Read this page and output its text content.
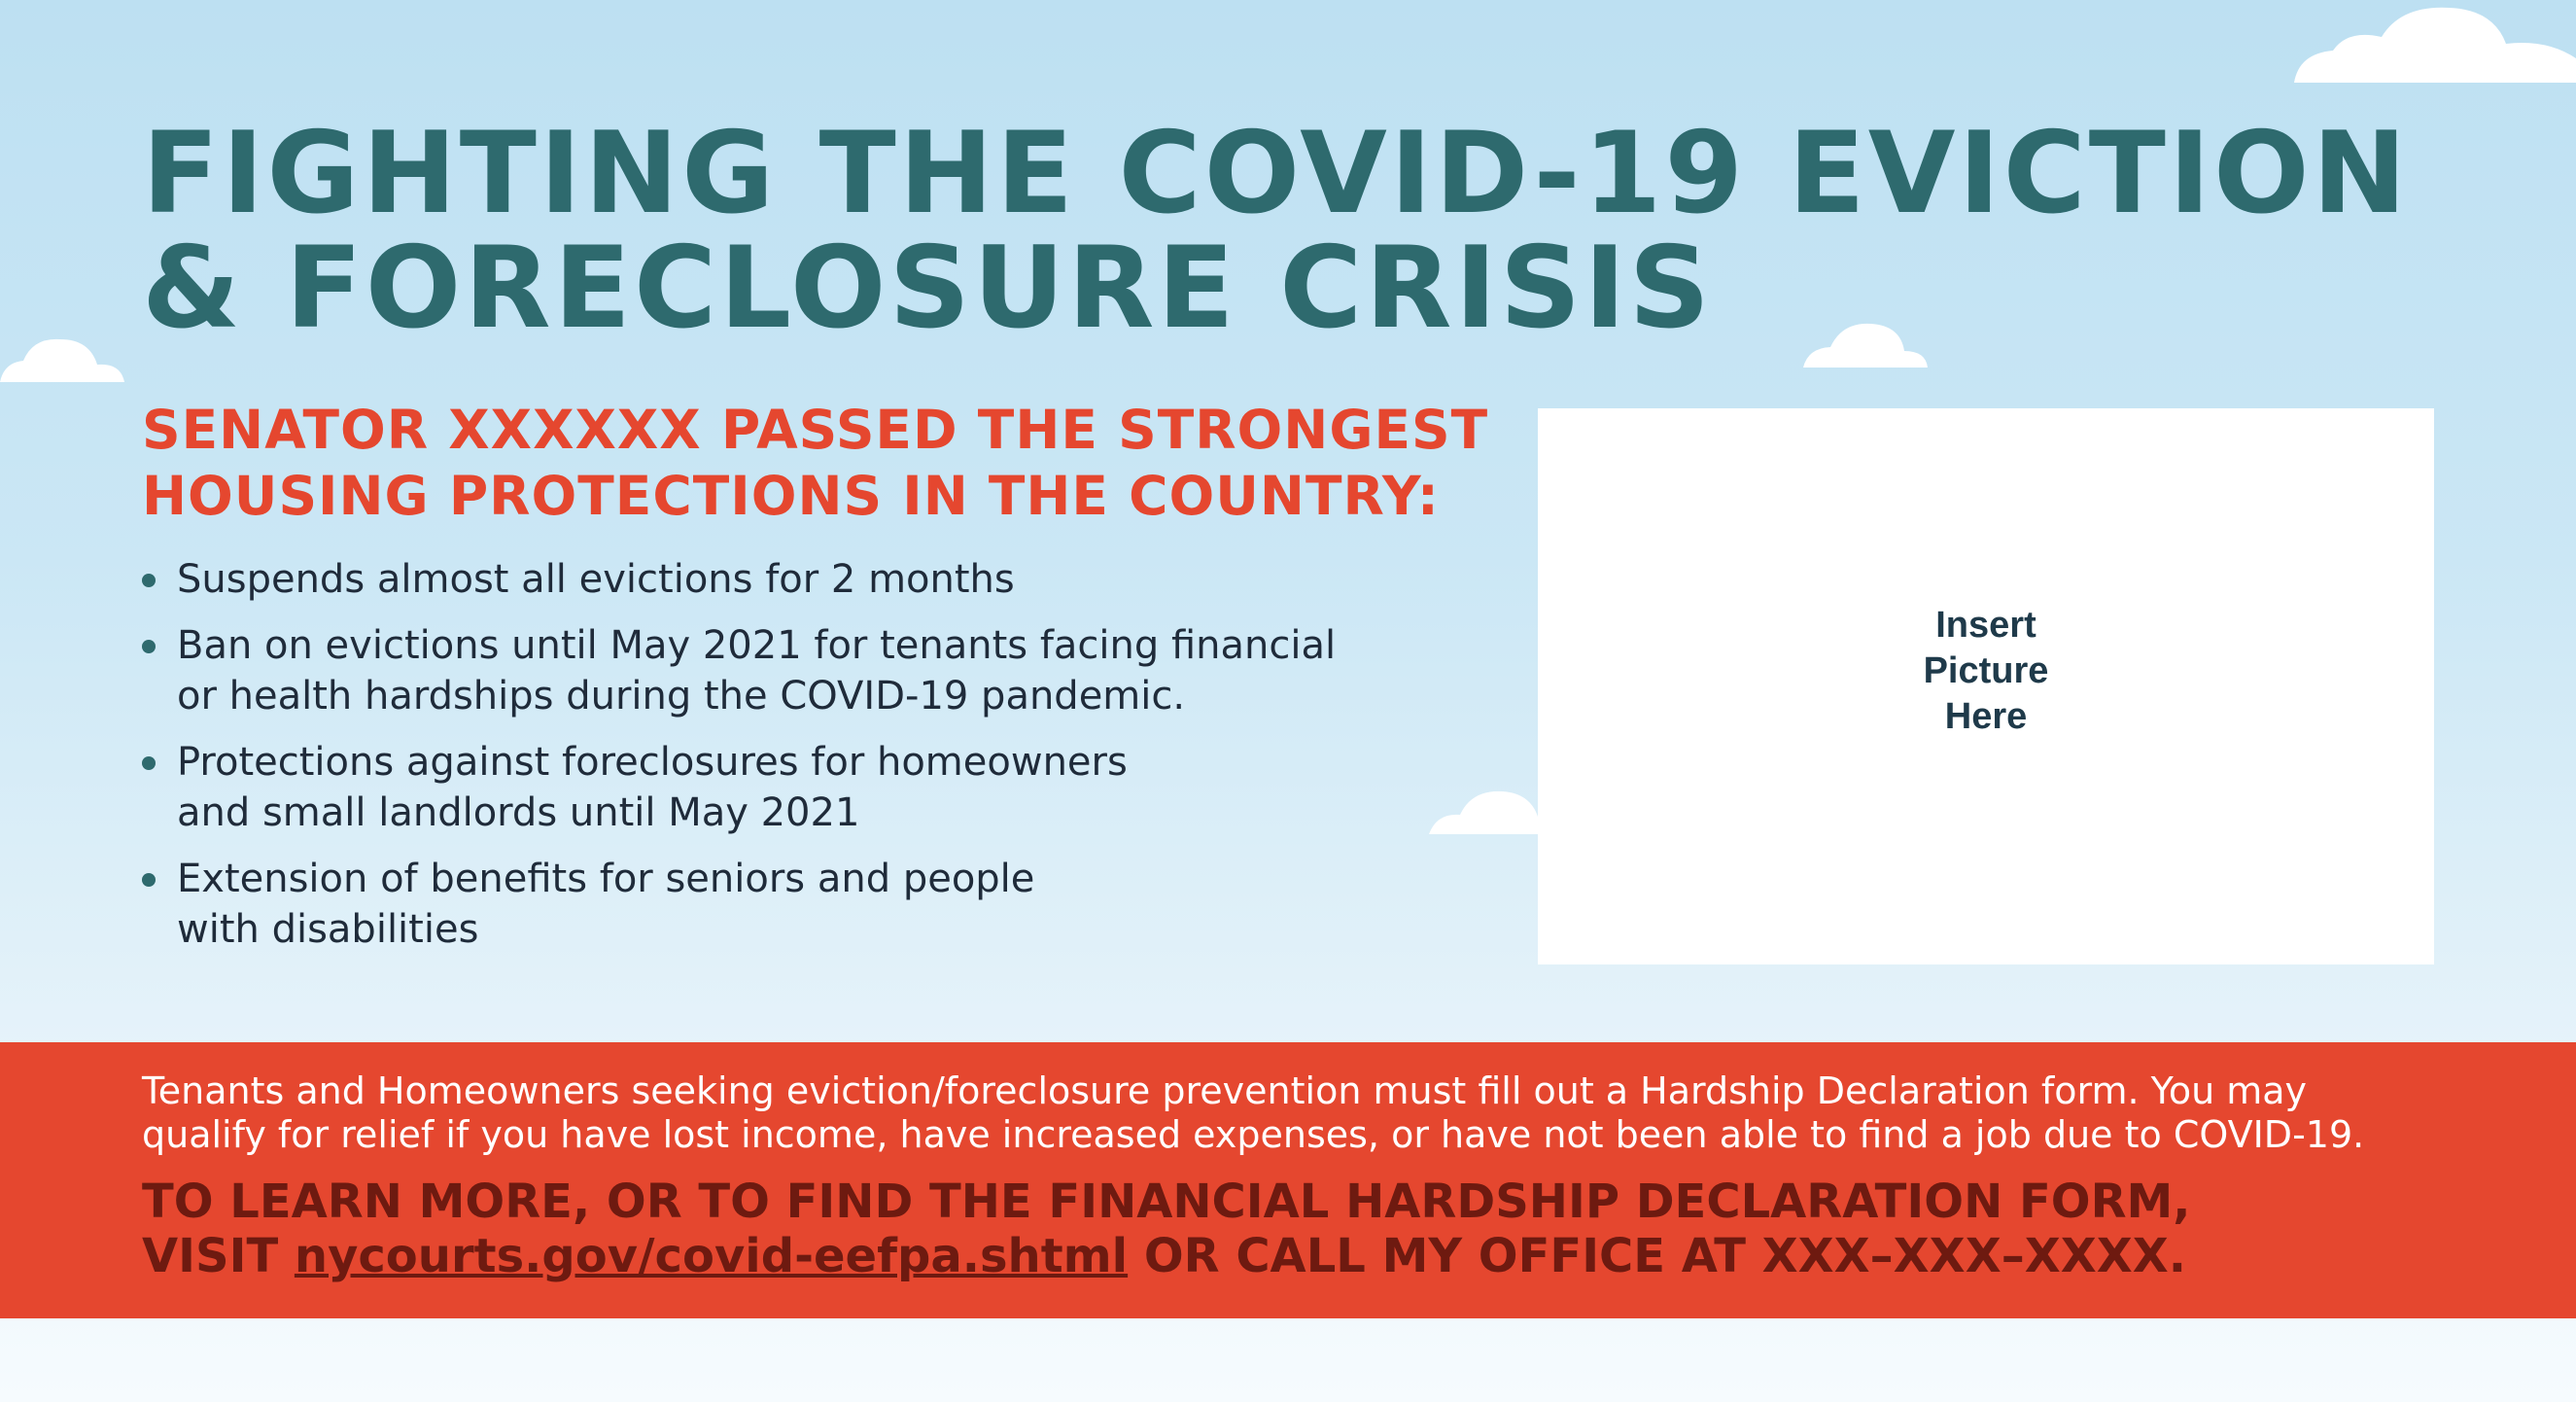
FIGHTING THE COVID-19 EVICTION
& FORECLOSURE CRISIS
SENATOR XXXXXX PASSED THE STRONGEST
HOUSING PROTECTIONS IN THE COUNTRY:
Suspends almost all evictions for 2 months
Ban on evictions until May 2021 for tenants facing financial
or health hardships during the COVID-19 pandemic.
Protections against foreclosures for homeowners
and small landlords until May 2021
Extension of benefits for seniors and people
with disabilities
Insert
Picture
Here

Tenants and Homeowners seeking eviction/foreclosure prevention must fill out a Hardship Declaration form. You may
qualify for relief if you have lost income, have increased expenses, or have not been able to find a job due to COVID-19.

TO LEARN MORE, OR TO FIND THE FINANCIAL HARDSHIP DECLARATION FORM,
VISIT nycourts.gov/covid-eefpa.shtml OR CALL MY OFFICE AT XXX–XXX–XXXX.
